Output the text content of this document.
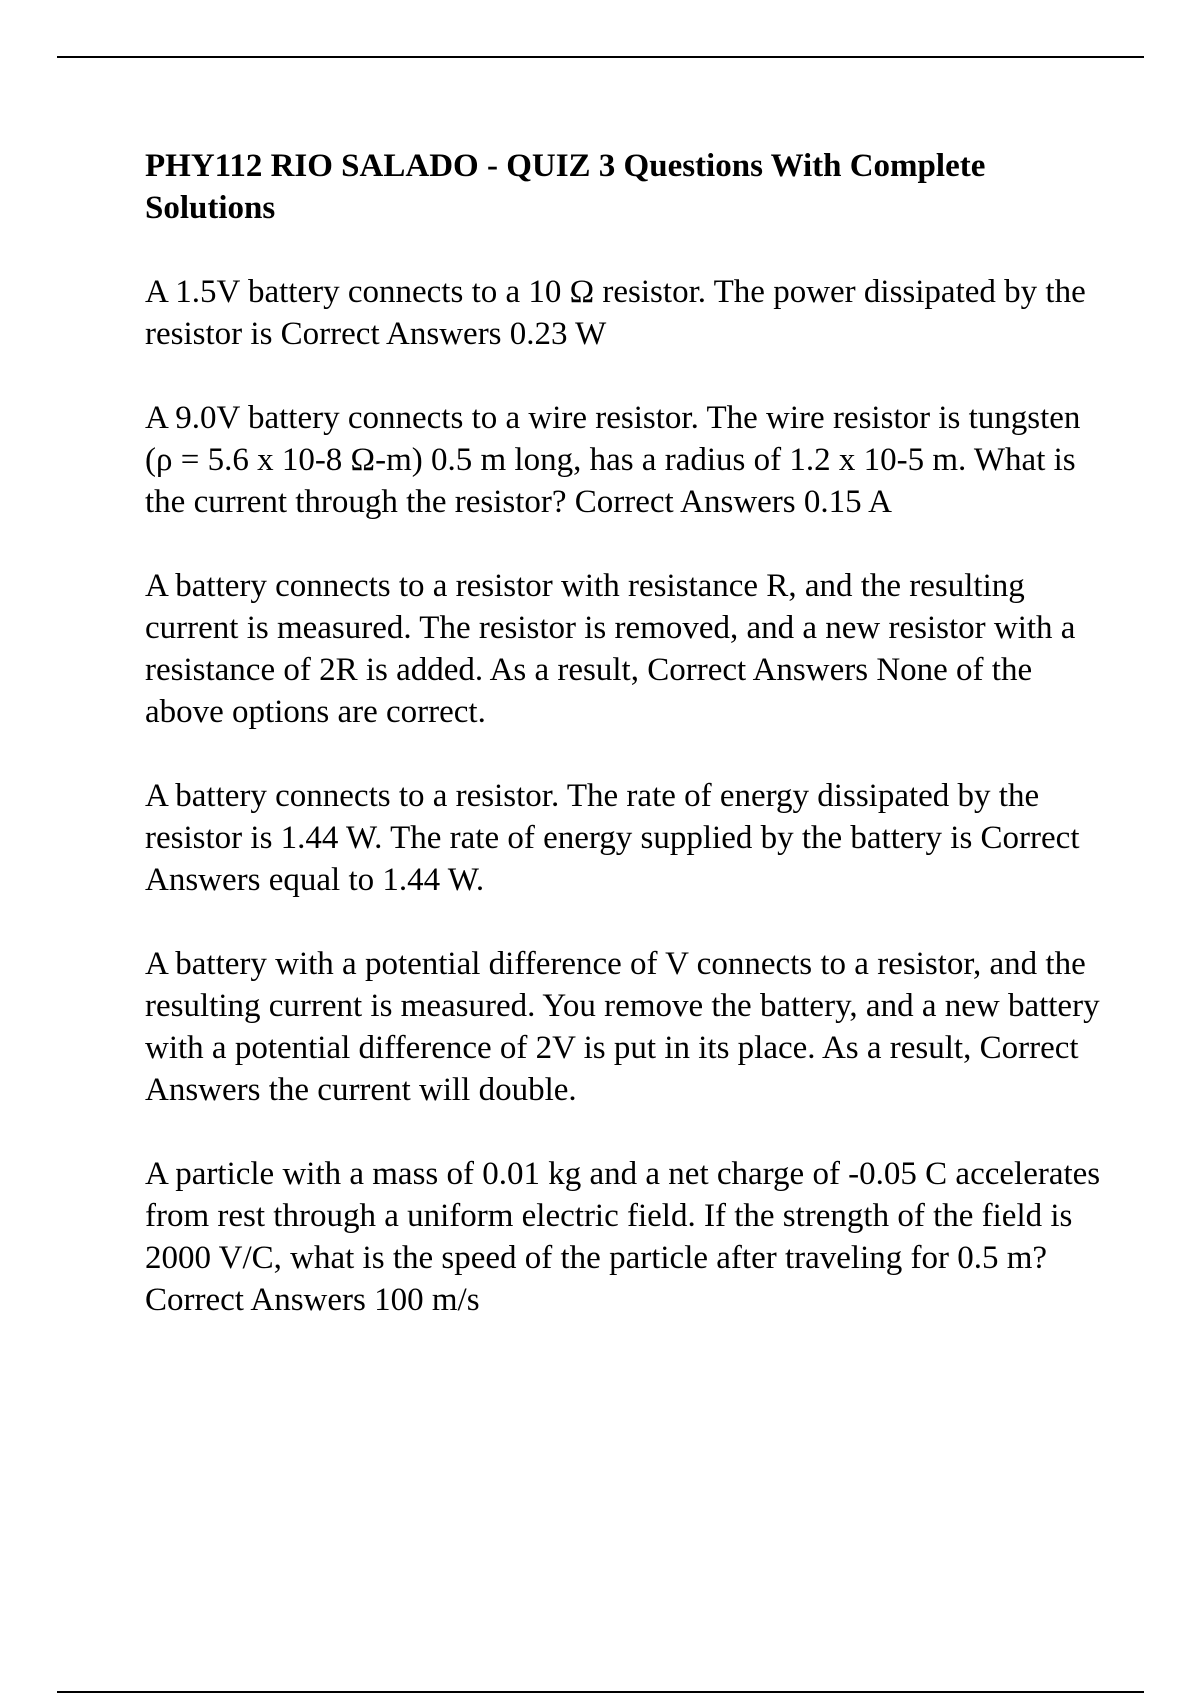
PHY112 RIO SALADO - QUIZ 3 Questions With Complete Solutions

A 1.5V battery connects to a 10 Ω resistor. The power dissipated by the resistor is Correct Answers 0.23 W

A 9.0V battery connects to a wire resistor. The wire resistor is tungsten (ρ = 5.6 x 10-8 Ω-m) 0.5 m long, has a radius of 1.2 x 10-5 m. What is the current through the resistor? Correct Answers 0.15 A

A battery connects to a resistor with resistance R, and the resulting current is measured. The resistor is removed, and a new resistor with a resistance of 2R is added. As a result, Correct Answers None of the above options are correct.

A battery connects to a resistor. The rate of energy dissipated by the resistor is 1.44 W. The rate of energy supplied by the battery is Correct Answers equal to 1.44 W.

A battery with a potential difference of V connects to a resistor, and the resulting current is measured. You remove the battery, and a new battery with a potential difference of 2V is put in its place. As a result, Correct Answers the current will double.

A particle with a mass of 0.01 kg and a net charge of -0.05 C accelerates from rest through a uniform electric field. If the strength of the field is 2000 V/C, what is the speed of the particle after traveling for 0.5 m? Correct Answers 100 m/s
